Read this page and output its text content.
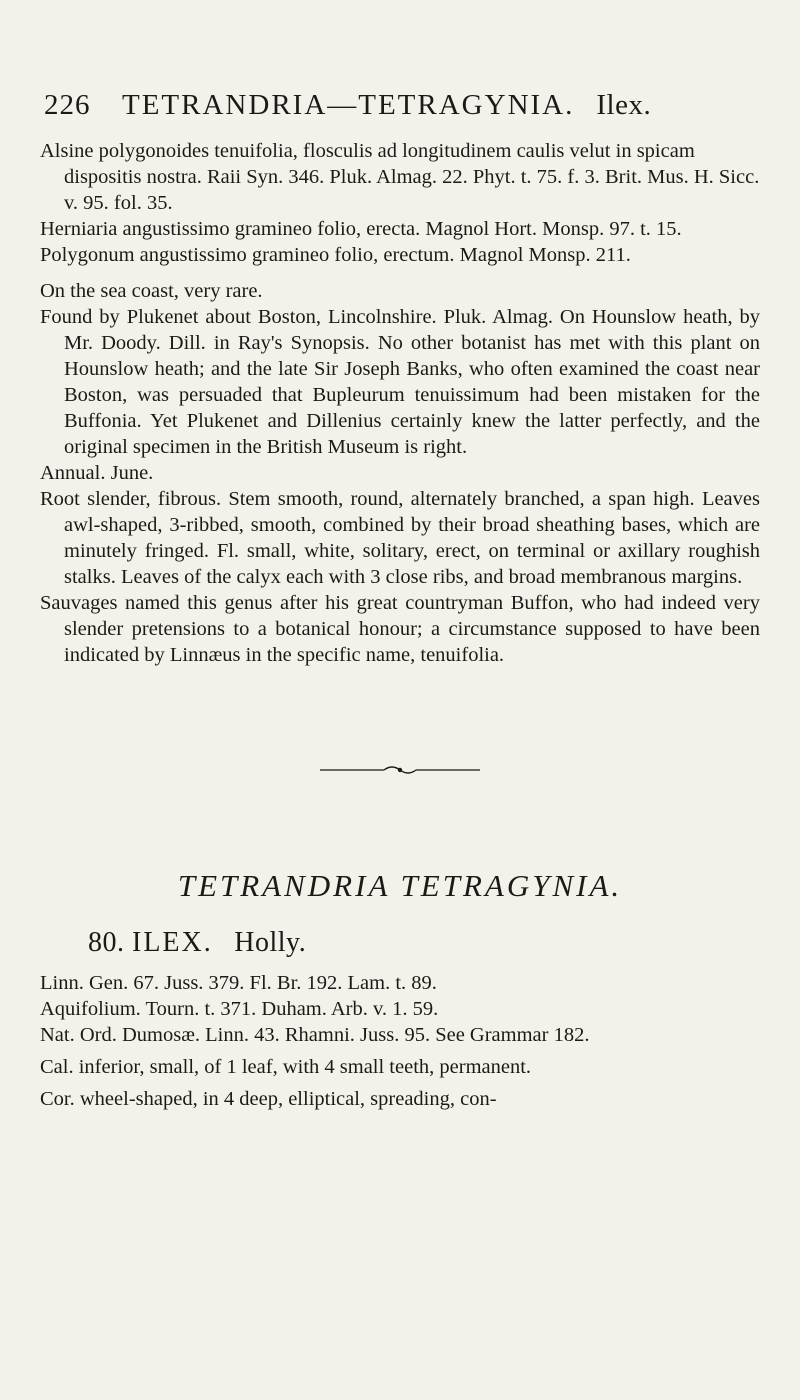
226	TETRANDRIA—TETRAGYNIA. Ilex.

Alsine polygonoides tenuifolia, flosculis ad longitudinem caulis velut in spicam dispositis nostra. Raii Syn. 346. Pluk. Almag. 22. Phyt. t. 75. f. 3. Brit. Mus. H. Sicc. v. 95. fol. 35.

Herniaria angustissimo gramineo folio, erecta. Magnol Hort. Monsp. 97. t. 15.

Polygonum angustissimo gramineo folio, erectum. Magnol Monsp. 211.

On the sea coast, very rare.

Found by Plukenet about Boston, Lincolnshire. Pluk. Almag. On Hounslow heath, by Mr. Doody. Dill. in Ray's Synopsis. No other botanist has met with this plant on Hounslow heath; and the late Sir Joseph Banks, who often examined the coast near Boston, was persuaded that Bupleurum tenuissimum had been mistaken for the Buffonia. Yet Plukenet and Dillenius certainly knew the latter perfectly, and the original specimen in the British Museum is right.

Annual. June.

Root slender, fibrous. Stem smooth, round, alternately branched, a span high. Leaves awl-shaped, 3-ribbed, smooth, combined by their broad sheathing bases, which are minutely fringed. Fl. small, white, solitary, erect, on terminal or axillary roughish stalks. Leaves of the calyx each with 3 close ribs, and broad membranous margins.

Sauvages named this genus after his great countryman Buffon, who had indeed very slender pretensions to a botanical honour; a circumstance supposed to have been indicated by Linnæus in the specific name, tenuifolia.

TETRANDRIA TETRAGYNIA.
80. ILEX. Holly.

Linn. Gen. 67. Juss. 379. Fl. Br. 192. Lam. t. 89.

Aquifolium. Tourn. t. 371. Duham. Arb. v. 1. 59.

Nat. Ord. Dumosæ. Linn. 43. Rhamni. Juss. 95. See Grammar 182.

Cal. inferior, small, of 1 leaf, with 4 small teeth, permanent.

Cor. wheel-shaped, in 4 deep, elliptical, spreading, con-
